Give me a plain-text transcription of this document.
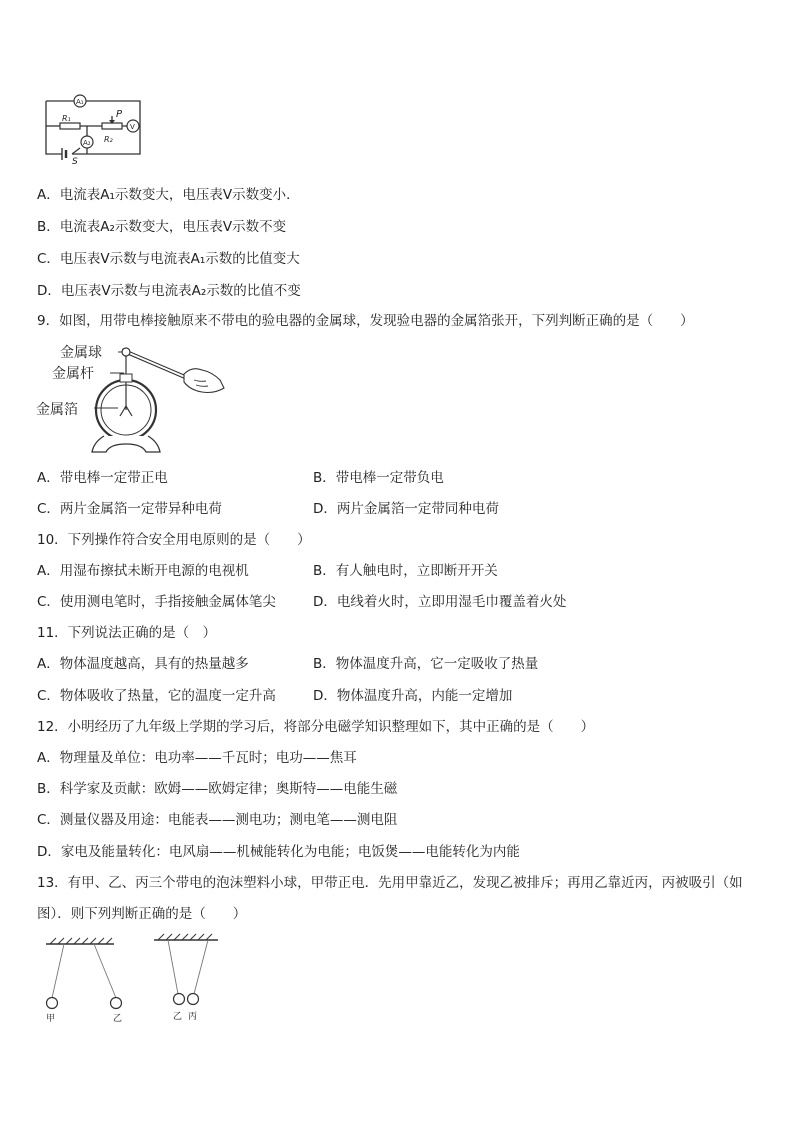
A₁
R₁	P
R₂
V
A₂
S
A．电流表A₁示数变大，电压表V示数变小．
B．电流表A₂示数变大，电压表V示数不变
C．电压表V示数与电流表A₁示数的比值变大
D．电压表V示数与电流表A₂示数的比值不变
9．如图，用带电棒接触原来不带电的验电器的金属球，发现验电器的金属箔张开，下列判断正确的是（　　）
金属球
金属杆
金属箔
A．带电棒一定带正电	B．带电棒一定带负电
C．两片金属箔一定带异种电荷	D．两片金属箔一定带同种电荷
10．下列操作符合安全用电原则的是（　　）
A．用湿布擦拭未断开电源的电视机	B．有人触电时，立即断开开关
C．使用测电笔时，手指接触金属体笔尖	D．电线着火时，立即用湿毛巾覆盖着火处
11．下列说法正确的是（　）
A．物体温度越高，具有的热量越多	B．物体温度升高，它一定吸收了热量
C．物体吸收了热量，它的温度一定升高	D．物体温度升高，内能一定增加
12．小明经历了九年级上学期的学习后，将部分电磁学知识整理如下，其中正确的是（　　）
A．物理量及单位：电功率——千瓦时；电功——焦耳
B．科学家及贡献：欧姆——欧姆定律；奥斯特——电能生磁
C．测量仪器及用途：电能表——测电功；测电笔——测电阻
D．家电及能量转化：电风扇——机械能转化为电能；电饭煲——电能转化为内能
13．有甲、乙、丙三个带电的泡沫塑料小球，甲带正电．先用甲靠近乙，发现乙被排斥；再用乙靠近丙，丙被吸引（如
图）．则下列判断正确的是（　　）
甲	乙	乙 丙
